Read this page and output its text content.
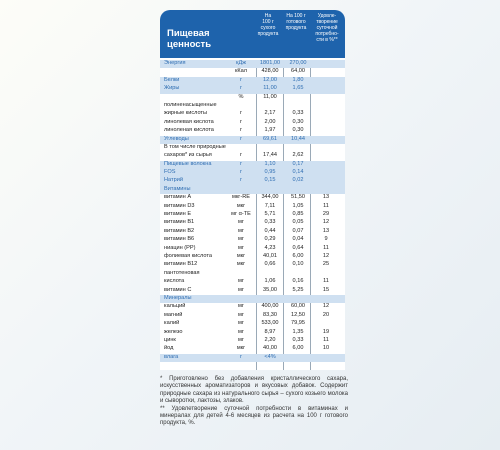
Пищевая
ценность
На
100 г
сухого
продукта
На 100 г
готового
продукта
Удовле-
творение
суточной
потребно-
сти в %**
Энергия	кДж	1801,00	270,00
кКал	428,00	64,00
Белки	г	12,00	1,80
Жиры	г	11,00	1,65
%	11,00
полиненасыщенные
жирные кислоты	г	2,17	0,33
линолевая кислота	г	2,00	0,30
линоленая кислота	г	1,97	0,30
Углеводы	г	69,61	10,44
В том числе природные
сахаров* из сырья	г	17,44	2,62
Пищевые волокна	г	1,10	0,17
FOS	г	0,95	0,14
Натрий	г	0,15	0,02
Витамины
витамин А	мкг-RE	344,00	51,50	13
витамин D3	мкг	7,11	1,05	11
витамин Е	мг α-ТЕ	5,71	0,85	29
витамин В1	мг	0,33	0,05	12
витамин В2	мг	0,44	0,07	13
витамин В6	мг	0,29	0,04	9
ниацин (PP)	мг	4,23	0,64	11
фолиевая кислота	мкг	40,01	6,00	12
витамин В12	мкг	0,66	0,10	25
пантотеновая
кислота	мг	1,06	0,16	11
витамин С	мг	35,00	5,25	15
Минералы
кальций	мг	400,00	60,00	12
магний	мг	83,30	12,50	20
калий	мг	533,00	79,95
железо	мг	8,97	1,35	19
цинк	мг	2,20	0,33	11
йод	мкг	40,00	6,00	10
влага	г	<4%

* Приготовлено без добавления кристаллического сахара, искусственных ароматизаторов и вкусовых добавок. Содержит природные сахара из натурального сырья – сухого козьего молока и сыворотки, лактозы, злаков.

** Удовлетворение суточной потребности в витаминах и минералах для детей 4-6 месяцев из расчета на 100 г готового продукта, %.
